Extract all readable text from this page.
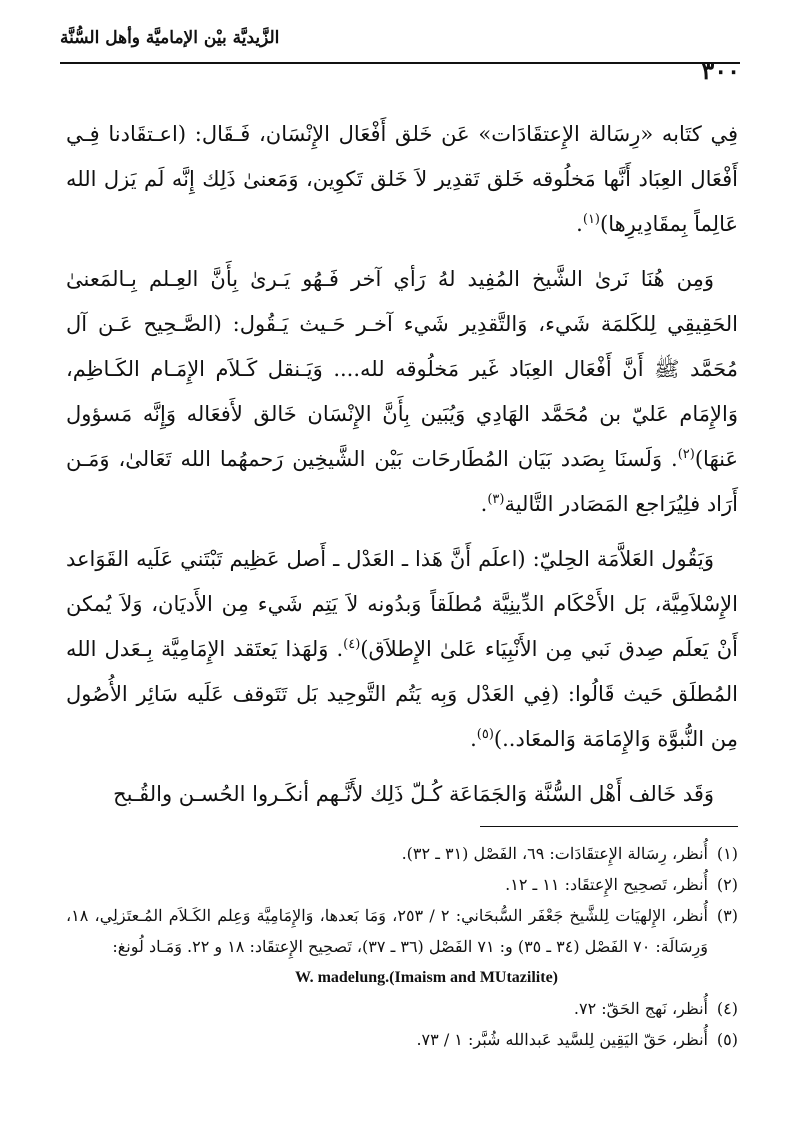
الزَّيديَّة بيْن الإماميَّة وأهل السُّنَّة
٣٠٠

فِي كتَابه «رِسَالة الإِعتقَادَات» عَن خَلق أَفْعَال الإِنْسَان، فَـقَال: (اعـتقَادنا فِـي أَفْعَال العِبَاد أَنَّها مَخلُوقه خَلق تَقدِير لاَ خَلق تَكوِين، وَمَعنىٰ ذَلِك إِنَّه لَم يَزل الله عَالِماً بِمقَادِيرِها)$^{(١)}$.

وَمِن هُنَا نَرىٰ الشَّيخ المُفِيد لهُ رَأي آخر فَـهُو يَـرىٰ بِأَنَّ العِـلم بِـالمَعنىٰ الحَقِيقِي لِلكَلمَة شَيء، وَالتَّقدِير شَيء آخـر حَـيث يَـقُول: (الصَّـحِيح عَـن آل مُحَمَّد ﷺ أَنَّ أَفْعَال العِبَاد غَير مَخلُوقه لله.... وَيَـنقل كَـلاَم الإِمَـام الكَـاظِم، وَالإِمَام عَليّ بن مُحَمَّد الهَادِي وَيُبَين بِأَنَّ الإِنْسَان خَالق لأَفعَاله وَإِنَّه مَسؤول عَنهَا)$^{(٢)}$. وَلَسنَا بِصَدد بَيَان المُطَارحَات بَيْن الشَّيخِين رَحمهُما الله تَعَالىٰ، وَمَـن أَرَاد فلِيُرَاجع المَصَادر التَّالية$^{(٣)}$.

وَيَقُول العَلاَّمَة الحِليّ: (اعلَم أَنَّ هَذا ـ العَدْل ـ أَصل عَظِيم تَبْتَني عَلَيه القَوَاعد الإِسْلاَمِيَّة، بَل الأَحْكَام الدِّينِيَّة مُطلَقاً وَبدُونه لاَ يَتِم شَيء مِن الأَديَان، وَلاَ يُمكن أَنْ يَعلَم صِدق نَبي مِن الأَنْبِيَاء عَلىٰ الإِطلاَق)$^{(٤)}$. وَلهَذا يَعتَقد الإِمَامِيَّة بِـعَدل الله المُطلَق حَيث قَالُوا: (فِي العَدْل وَبِه يَتُم التَّوحِيد بَل تَتَوقف عَلَيه سَائِر الأُصُول مِن النُّبوَّة وَالإِمَامَة وَالمعَاد..)$^{(٥)}$.

وَقَد خَالف أَهْل السُّنَّة وَالجَمَاعَة كُـلّ ذَلِك لأَنَّـهم أنكَـروا الحُسـن والقُـبح

(١)
أُنظر، رِسَالة الإِعتقَادَات: ٦٩، الفَصْل (٣١ ـ ٣٢).
(٢)
أُنظر، تَصحِيح الإِعتقَاد: ١١ ـ ١٢.
(٣)
أُنظر، الإِلهيَات لِلشَّيخ جَعْفَر السُّبحَاني: ٢ / ٢٥٣، وَمَا بَعدها، وَالإِمَامِيَّة وَعِلم الكَـلاَم المُـعتَزلِي، ١٨، وَرِسَالَة: ٧٠ الفَصْل (٣٤ ـ ٣٥) و: ٧١ الفَصْل (٣٦ ـ ٣٧)، تَصحِيح الإِعتقَاد: ١٨ و ٢٢. وَمَـاد لُونغ:
W. madelung.(Imaism and MUtazilite)
(٤)
أُنظر، نَهج الحَقّ: ٧٢.
(٥)
أُنظر، حَقّ اليَقِين لِلسَّيد عَبدالله شُبَّر: ١ / ٧٣.
